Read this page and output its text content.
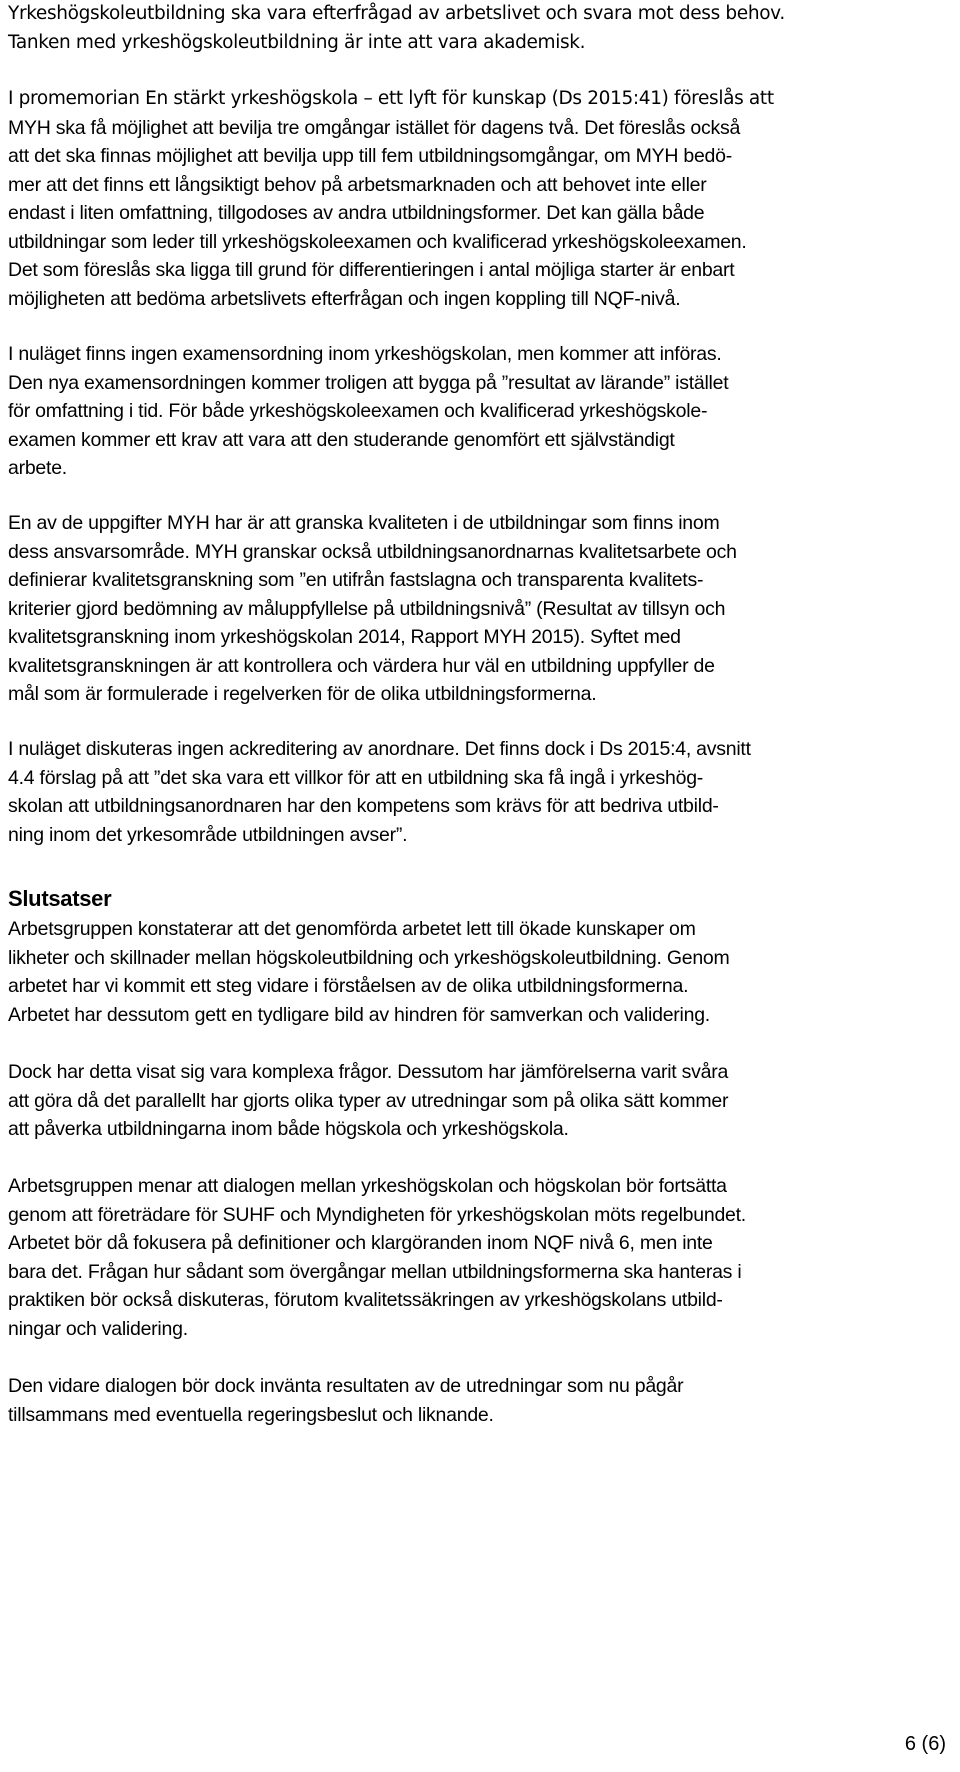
Yrkeshögskoleutbildning ska vara efterfrågad av arbetslivet och svara mot dess behov.
Tanken med yrkeshögskoleutbildning är inte att vara akademisk.
I promemorian En stärkt yrkeshögskola – ett lyft för kunskap (Ds 2015:41) föreslås att
MYH ska få möjlighet att bevilja tre omgångar istället för dagens två. Det föreslås också
att det ska finnas möjlighet att bevilja upp till fem utbildningsomgångar, om MYH bedö-
mer att det finns ett långsiktigt behov på arbetsmarknaden och att behovet inte eller
endast i liten omfattning, tillgodoses av andra utbildningsformer. Det kan gälla både
utbildningar som leder till yrkeshögskoleexamen och kvalificerad yrkeshögskoleexamen.
Det som föreslås ska ligga till grund för differentieringen i antal möjliga starter är enbart
möjligheten att bedöma arbetslivets efterfrågan och ingen koppling till NQF-nivå.
I nuläget finns ingen examensordning inom yrkeshögskolan, men kommer att införas.
Den nya examensordningen kommer troligen att bygga på ”resultat av lärande” istället
för omfattning i tid. För både yrkeshögskoleexamen och kvalificerad yrkeshögskole-
examen kommer ett krav att vara att den studerande genomfört ett självständigt
arbete.
En av de uppgifter MYH har är att granska kvaliteten i de utbildningar som finns inom
dess ansvarsområde. MYH granskar också utbildningsanordnarnas kvalitetsarbete och
definierar kvalitetsgranskning som ”en utifrån fastslagna och transparenta kvalitets-
kriterier gjord bedömning av måluppfyllelse på utbildningsnivå” (Resultat av tillsyn och
kvalitetsgranskning inom yrkeshögskolan 2014, Rapport MYH 2015). Syftet med
kvalitetsgranskningen är att kontrollera och värdera hur väl en utbildning uppfyller de
mål som är formulerade i regelverken för de olika utbildningsformerna.
I nuläget diskuteras ingen ackreditering av anordnare. Det finns dock i Ds 2015:4, avsnitt
4.4 förslag på att ”det ska vara ett villkor för att en utbildning ska få ingå i yrkeshög-
skolan att utbildningsanordnaren har den kompetens som krävs för att bedriva utbild-
ning inom det yrkesområde utbildningen avser”.
Slutsatser
Arbetsgruppen konstaterar att det genomförda arbetet lett till ökade kunskaper om
likheter och skillnader mellan högskoleutbildning och yrkeshögskoleutbildning. Genom
arbetet har vi kommit ett steg vidare i förståelsen av de olika utbildningsformerna.
Arbetet har dessutom gett en tydligare bild av hindren för samverkan och validering.
Dock har detta visat sig vara komplexa frågor. Dessutom har jämförelserna varit svåra
att göra då det parallellt har gjorts olika typer av utredningar som på olika sätt kommer
att påverka utbildningarna inom både högskola och yrkeshögskola.
Arbetsgruppen menar att dialogen mellan yrkeshögskolan och högskolan bör fortsätta
genom att företrädare för SUHF och Myndigheten för yrkeshögskolan möts regelbundet.
Arbetet bör då fokusera på definitioner och klargöranden inom NQF nivå 6, men inte
bara det. Frågan hur sådant som övergångar mellan utbildningsformerna ska hanteras i
praktiken bör också diskuteras, förutom kvalitetssäkringen av yrkeshögskolans utbild-
ningar och validering.
Den vidare dialogen bör dock invänta resultaten av de utredningar som nu pågår
tillsammans med eventuella regeringsbeslut och liknande.
6 (6)
